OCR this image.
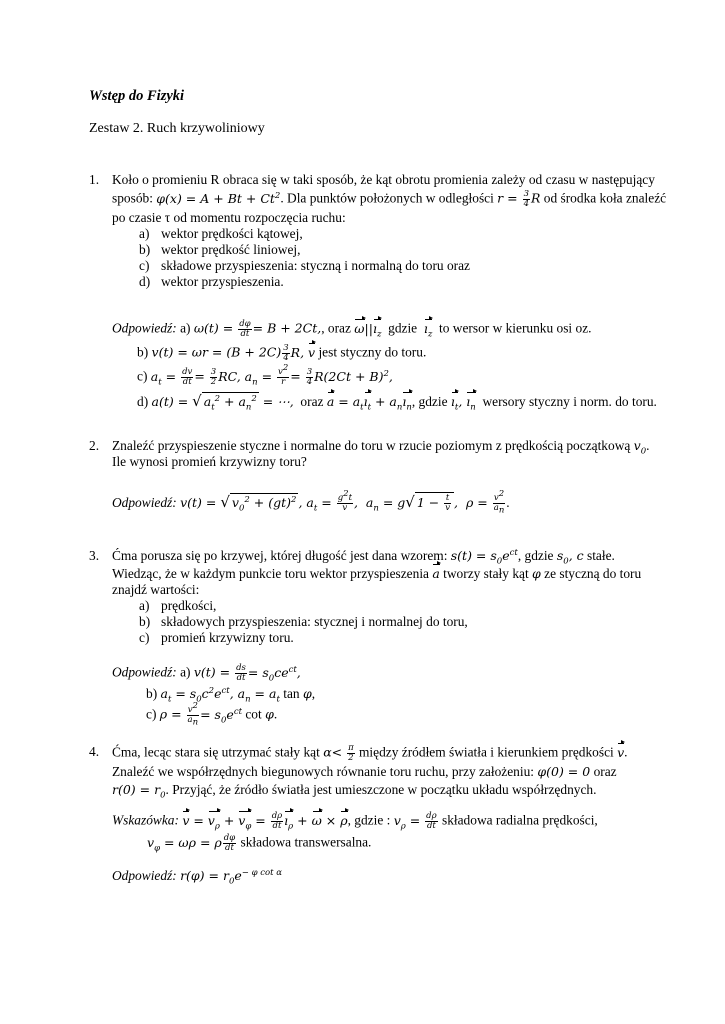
Wstęp do Fizyki
Zestaw 2. Ruch krzywoliniowy
1. Koło o promieniu R obraca się w taki sposób, że kąt obrotu promienia zależy od czasu w następujący
sposób: $\varphi(x) = A + Bt + Ct^2$. Dla punktów położonych w odległości $r = \frac{3}{4}$ R od środka koła znaleźć
po czasie τ od momentu rozpoczęcia ruchu:
a) wektor prędkości kątowej,
b) wektor prędkość liniowej,
c) składowe przyspieszenia: styczną i normalną do toru oraz
d) wektor przyspieszenia.
Odpowiedź: a) $\omega(t) = \frac{d\varphi}{dt} = B + 2Ct$,, oraz $\omega||ı_z$ gdzie $ı_z$ to wersor w kierunku osi oz.
b) $v(t) = \omega r = (B + 2C) \frac{3}{4} R$, v jest styczny do toru.
c) $a_t = \frac{dv}{dt} = \frac{3}{2}$ RC, $a_n = \frac{v^2}{r} = \frac{3}{4} R(2Ct + B)^2$,
d) a(t) = √ $a_t^2 + a_n^2$ = ⋯, oraz $a = a_tı_t$ + $a_nı_n$, gdzie $ı_t$, $ı_n$ wersory styczny i norm. do toru.
2. Znaleźć przyspieszenie styczne i normalne do toru w rzucie poziomym z prędkością początkową $v_0$.
Ile wynosi promień krzywizny toru?
Odpowiedź: v(t) = √ $v_0^2 + (gt)^2$ , $a_t = \frac{g^2t}{v}$ ,  $a_n = g√$ $1 - \frac{t}{v}$ ,  $\rho = \frac{v^2}{a_n}$ .
3. Ćma porusza się po krzywej, której długość jest dana wzorem: $s(t) = s_0e^{ct}$, gdzie $s_0$, c stałe.
Wiedząc, że w każdym punkcie toru wektor przyspieszenia a tworzy stały kąt φ ze styczną do toru
znajdź wartości:
a) prędkości,
b) składowych przyspieszenia: stycznej i normalnej do toru,
c) promień krzywizny toru.
Odpowiedź: a) $v(t) = \frac{ds}{dt} = s_0ce^{ct}$,
b) $a_t = s_0c^2e^{ct}$, $a_n = a_t$ tan φ,
c) $\rho = \frac{v^2}{a_n} = s_0e^{ct}$ cot φ.
4. Ćma, lecąc stara się utrzymać stały kąt $\alpha< \frac{\pi}{2}$ między źródłem światła i kierunkiem prędkości v.
Znaleźć we współrzędnych biegunowych równanie toru ruchu, przy założeniu: φ(0) = 0 oraz
$r(0) = r_0$. Przyjąć, że źródło światła jest umieszczone w początku układu współrzędnych.
Wskazówka: $v = v_\rho + v_\varphi = \frac{d\rho}{dt}$ $ı_\rho + \omega \times \rho$, gdzie : $v_\rho = \frac{d\rho}{dt}$ składowa radialna prędkości,
$v_\varphi = \omega\rho = \rho \frac{d\varphi}{dt}$ składowa transwersalna.
Odpowiedź: $r(\varphi) = r_0e^{- \varphi cot \alpha}$
